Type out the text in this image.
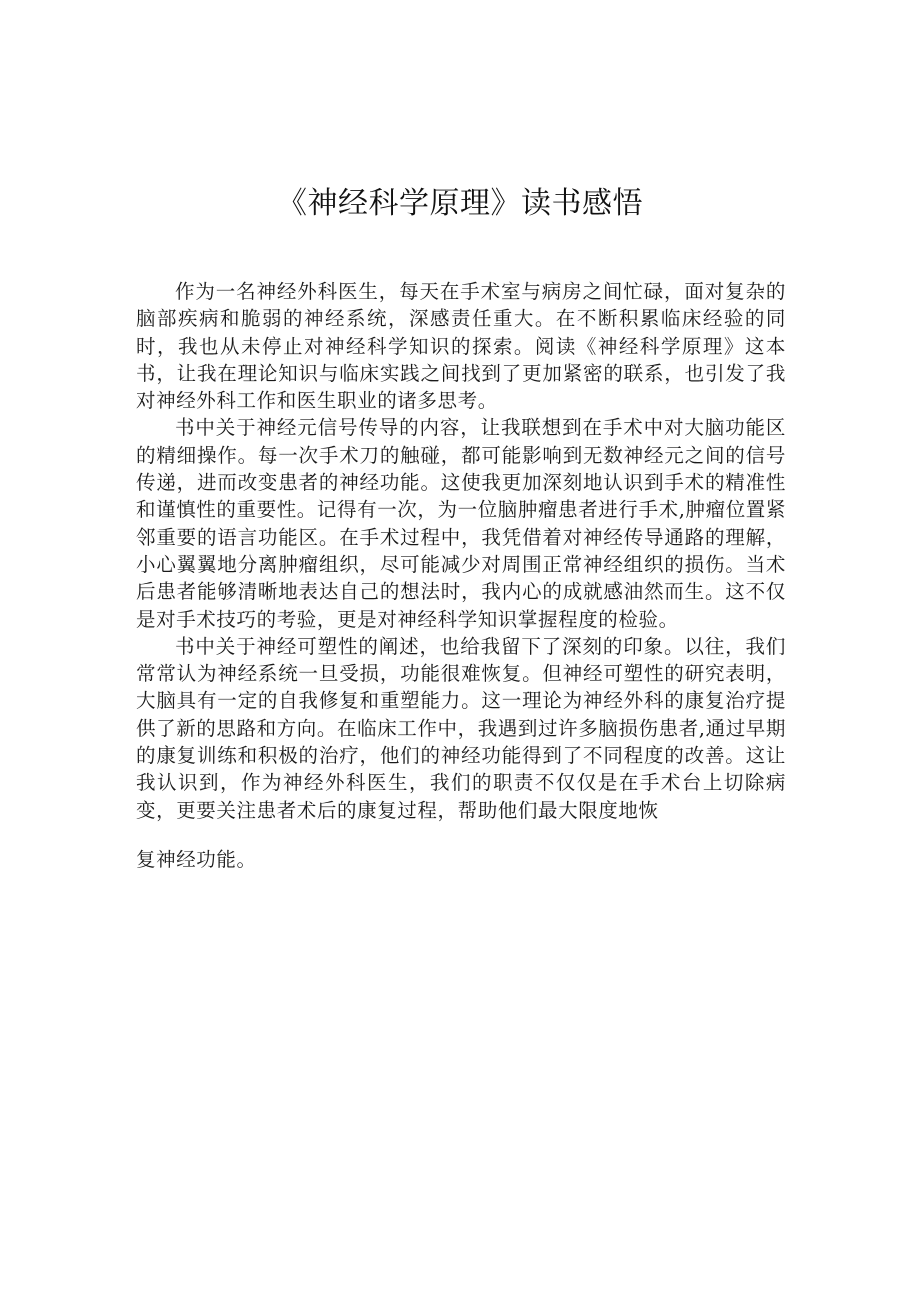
《神经科学原理》读书感悟

作为一名神经外科医生，每天在手术室与病房之间忙碌，面对复杂的脑部疾病和脆弱的神经系统，深感责任重大。在不断积累临床经验的同时，我也从未停止对神经科学知识的探索。阅读《神经科学原理》这本书，让我在理论知识与临床实践之间找到了更加紧密的联系，也引发了我对神经外科工作和医生职业的诸多思考。

书中关于神经元信号传导的内容，让我联想到在手术中对大脑功能区的精细操作。每一次手术刀的触碰，都可能影响到无数神经元之间的信号传递，进而改变患者的神经功能。这使我更加深刻地认识到手术的精准性和谨慎性的重要性。记得有一次，为一位脑肿瘤患者进行手术,肿瘤位置紧邻重要的语言功能区。在手术过程中，我凭借着对神经传导通路的理解，小心翼翼地分离肿瘤组织，尽可能减少对周围正常神经组织的损伤。当术后患者能够清晰地表达自己的想法时，我内心的成就感油然而生。这不仅是对手术技巧的考验，更是对神经科学知识掌握程度的检验。

书中关于神经可塑性的阐述，也给我留下了深刻的印象。以往，我们常常认为神经系统一旦受损，功能很难恢复。但神经可塑性的研究表明，大脑具有一定的自我修复和重塑能力。这一理论为神经外科的康复治疗提供了新的思路和方向。在临床工作中，我遇到过许多脑损伤患者,通过早期的康复训练和积极的治疗，他们的神经功能得到了不同程度的改善。这让我认识到，作为神经外科医生，我们的职责不仅仅是在手术台上切除病变，更要关注患者术后的康复过程，帮助他们最大限度地恢

复神经功能。
